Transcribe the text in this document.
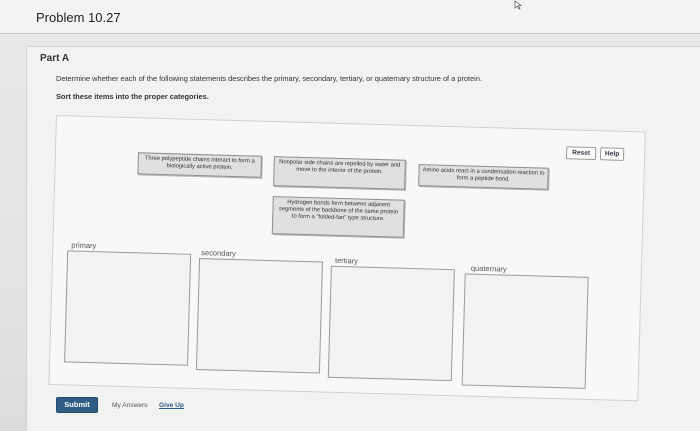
Problem 10.27
Part A
Determine whether each of the following statements describes the primary, secondary, tertiary, or quaternary structure of a protein.
Sort these items into the proper categories.
Reset	Help
Three polypeptide chains interact to form a biologically active protein.	Nonpolar side chains are repelled by water and move to the interior of the protein.	Amino acids react in a condensation reaction to form a peptide bond.
Hydrogen bonds form between adjacent segments of the backbone of the same protein to form a "folded-fan" type structure.
primary
secondary
tertiary
quaternary
Submit	My Answers Give Up
